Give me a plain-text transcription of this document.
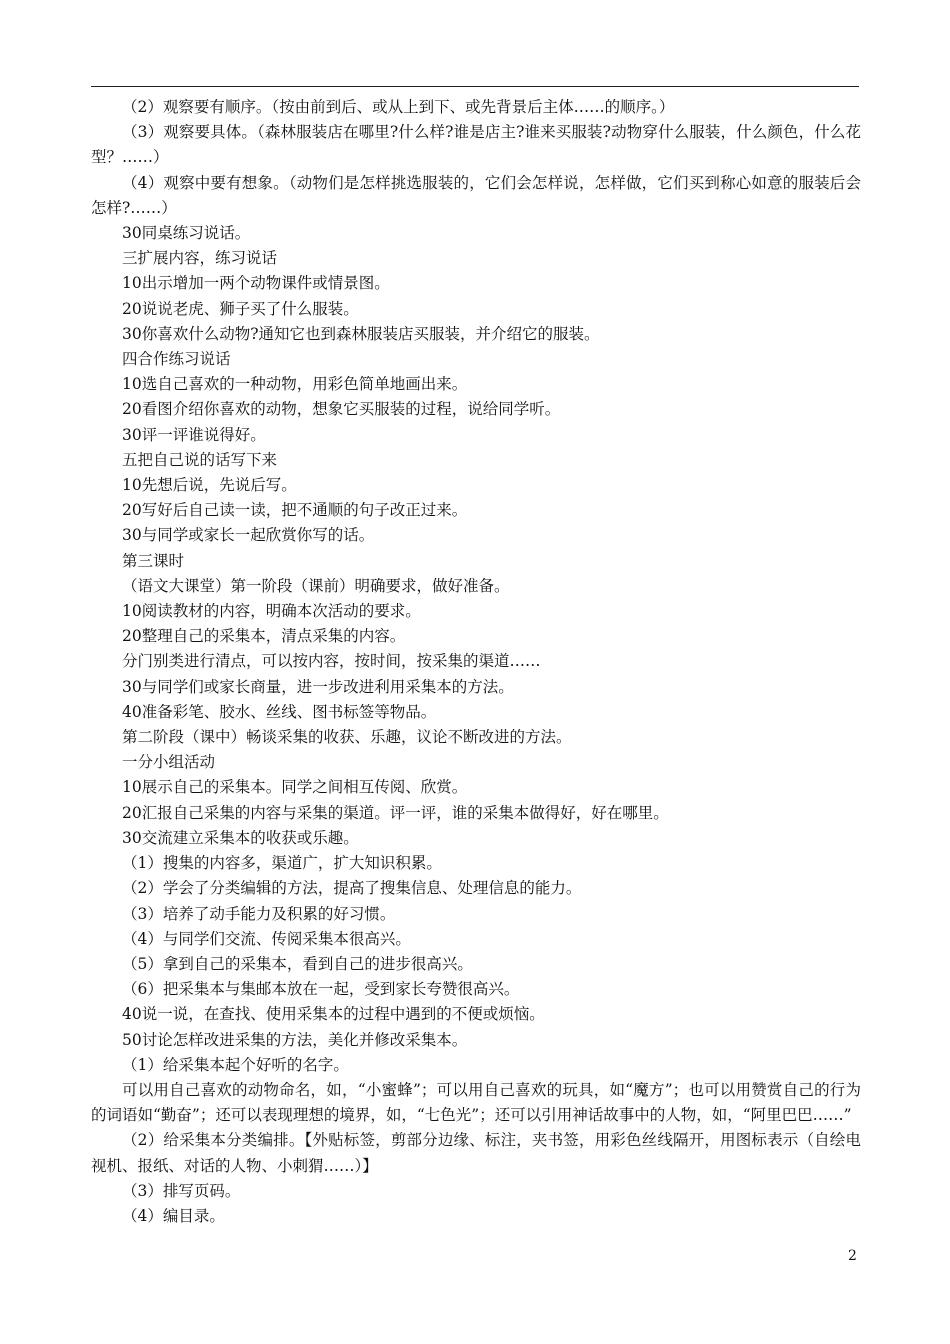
（2）观察要有顺序。（按由前到后、或从上到下、或先背景后主体……的顺序。）
（3）观察要具体。（森林服装店在哪里?什么样?谁是店主?谁来买服装?动物穿什么服装，什么颜色，什么花型？……）
（4）观察中要有想象。（动物们是怎样挑选服装的，它们会怎样说，怎样做，它们买到称心如意的服装后会怎样?……）
30同桌练习说话。
三扩展内容，练习说话
10出示增加一两个动物课件或情景图。
20说说老虎、狮子买了什么服装。
30你喜欢什么动物?通知它也到森林服装店买服装，并介绍它的服装。
四合作练习说话
10选自己喜欢的一种动物，用彩色简单地画出来。
20看图介绍你喜欢的动物，想象它买服装的过程，说给同学听。
30评一评谁说得好。
五把自己说的话写下来
10先想后说，先说后写。
20写好后自己读一读，把不通顺的句子改正过来。
30与同学或家长一起欣赏你写的话。
第三课时
（语文大课堂）第一阶段（课前）明确要求，做好准备。
10阅读教材的内容，明确本次活动的要求。
20整理自己的采集本，清点采集的内容。
分门别类进行清点，可以按内容，按时间，按采集的渠道……
30与同学们或家长商量，进一步改进利用采集本的方法。
40准备彩笔、胶水、丝线、图书标签等物品。
第二阶段（课中）畅谈采集的收获、乐趣，议论不断改进的方法。
一分小组活动
10展示自己的采集本。同学之间相互传阅、欣赏。
20汇报自己采集的内容与采集的渠道。评一评，谁的采集本做得好，好在哪里。
30交流建立采集本的收获或乐趣。
（1）搜集的内容多，渠道广，扩大知识积累。
（2）学会了分类编辑的方法，提高了搜集信息、处理信息的能力。
（3）培养了动手能力及积累的好习惯。
（4）与同学们交流、传阅采集本很高兴。
（5）拿到自己的采集本，看到自己的进步很高兴。
（6）把采集本与集邮本放在一起，受到家长夸赞很高兴。
40说一说，在查找、使用采集本的过程中遇到的不便或烦恼。
50讨论怎样改进采集的方法，美化并修改采集本。
（1）给采集本起个好听的名字。
可以用自己喜欢的动物命名，如，“小蜜蜂”；可以用自己喜欢的玩具，如“魔方”；也可以用赞赏自己的行为的词语如“勤奋”；还可以表现理想的境界，如，“七色光”；还可以引用神话故事中的人物，如，“阿里巴巴……”
（2）给采集本分类编排。【外贴标签，剪部分边缘、标注，夹书签，用彩色丝线隔开，用图标表示（自绘电视机、报纸、对话的人物、小刺猬……）】
（3）排写页码。
（4）编目录。
2
